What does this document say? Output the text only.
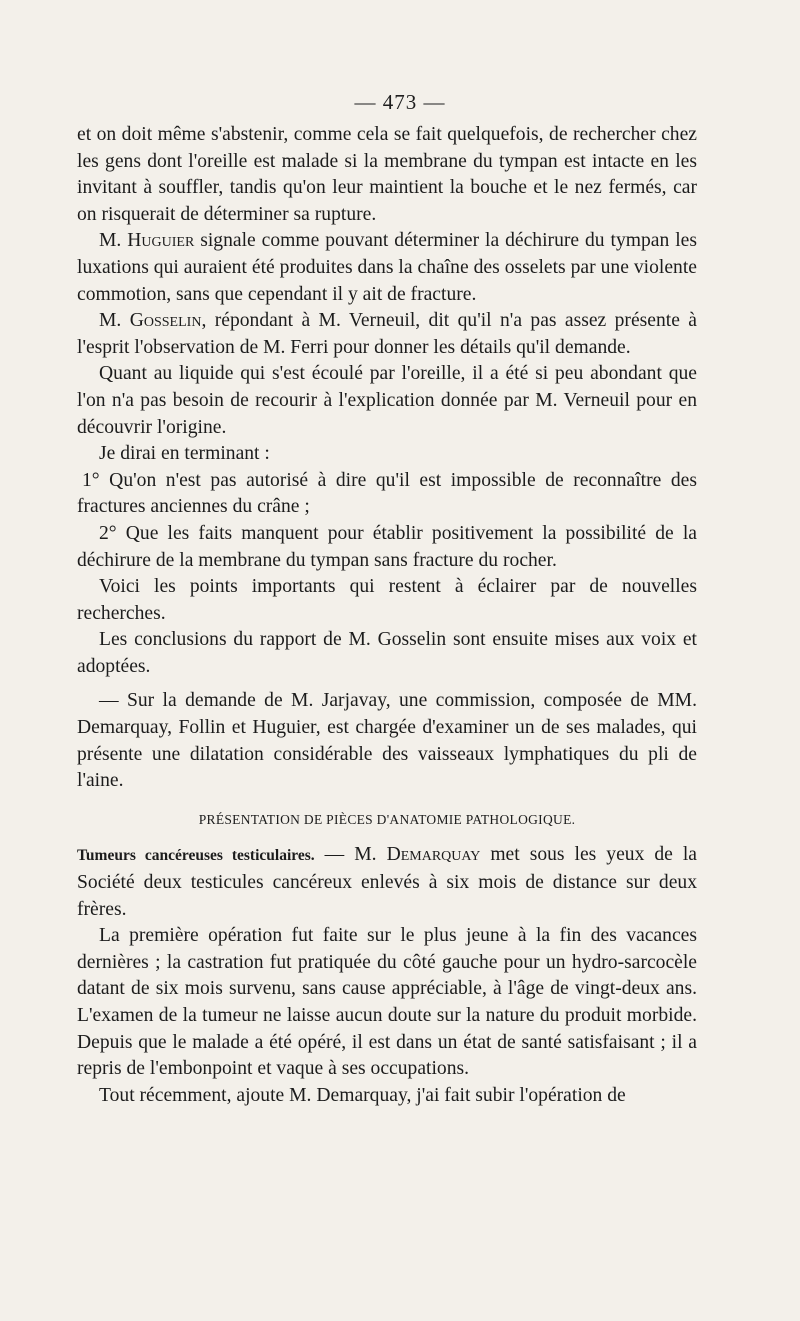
— 473 —

et on doit même s'abstenir, comme cela se fait quelquefois, de rechercher chez les gens dont l'oreille est malade si la membrane du tympan est intacte en les invitant à souffler, tandis qu'on leur maintient la bouche et le nez fermés, car on risquerait de déterminer sa rupture.

M. Huguier signale comme pouvant déterminer la déchirure du tympan les luxations qui auraient été produites dans la chaîne des osselets par une violente commotion, sans que cependant il y ait de fracture.

M. Gosselin, répondant à M. Verneuil, dit qu'il n'a pas assez présente à l'esprit l'observation de M. Ferri pour donner les détails qu'il demande.

Quant au liquide qui s'est écoulé par l'oreille, il a été si peu abondant que l'on n'a pas besoin de recourir à l'explication donnée par M. Verneuil pour en découvrir l'origine.

Je dirai en terminant :

1° Qu'on n'est pas autorisé à dire qu'il est impossible de reconnaître des fractures anciennes du crâne ;

2° Que les faits manquent pour établir positivement la possibilité de la déchirure de la membrane du tympan sans fracture du rocher.

Voici les points importants qui restent à éclairer par de nouvelles recherches.

Les conclusions du rapport de M. Gosselin sont ensuite mises aux voix et adoptées.

— Sur la demande de M. Jarjavay, une commission, composée de MM. Demarquay, Follin et Huguier, est chargée d'examiner un de ses malades, qui présente une dilatation considérable des vaisseaux lymphatiques du pli de l'aine.

PRÉSENTATION DE PIÈCES D'ANATOMIE PATHOLOGIQUE.

Tumeurs cancéreuses testiculaires. — M. Demarquay met sous les yeux de la Société deux testicules cancéreux enlevés à six mois de distance sur deux frères.

La première opération fut faite sur le plus jeune à la fin des vacances dernières ; la castration fut pratiquée du côté gauche pour un hydro-sarcocèle datant de six mois survenu, sans cause appréciable, à l'âge de vingt-deux ans. L'examen de la tumeur ne laisse aucun doute sur la nature du produit morbide. Depuis que le malade a été opéré, il est dans un état de santé satisfaisant ; il a repris de l'embonpoint et vaque à ses occupations.

Tout récemment, ajoute M. Demarquay, j'ai fait subir l'opération de
